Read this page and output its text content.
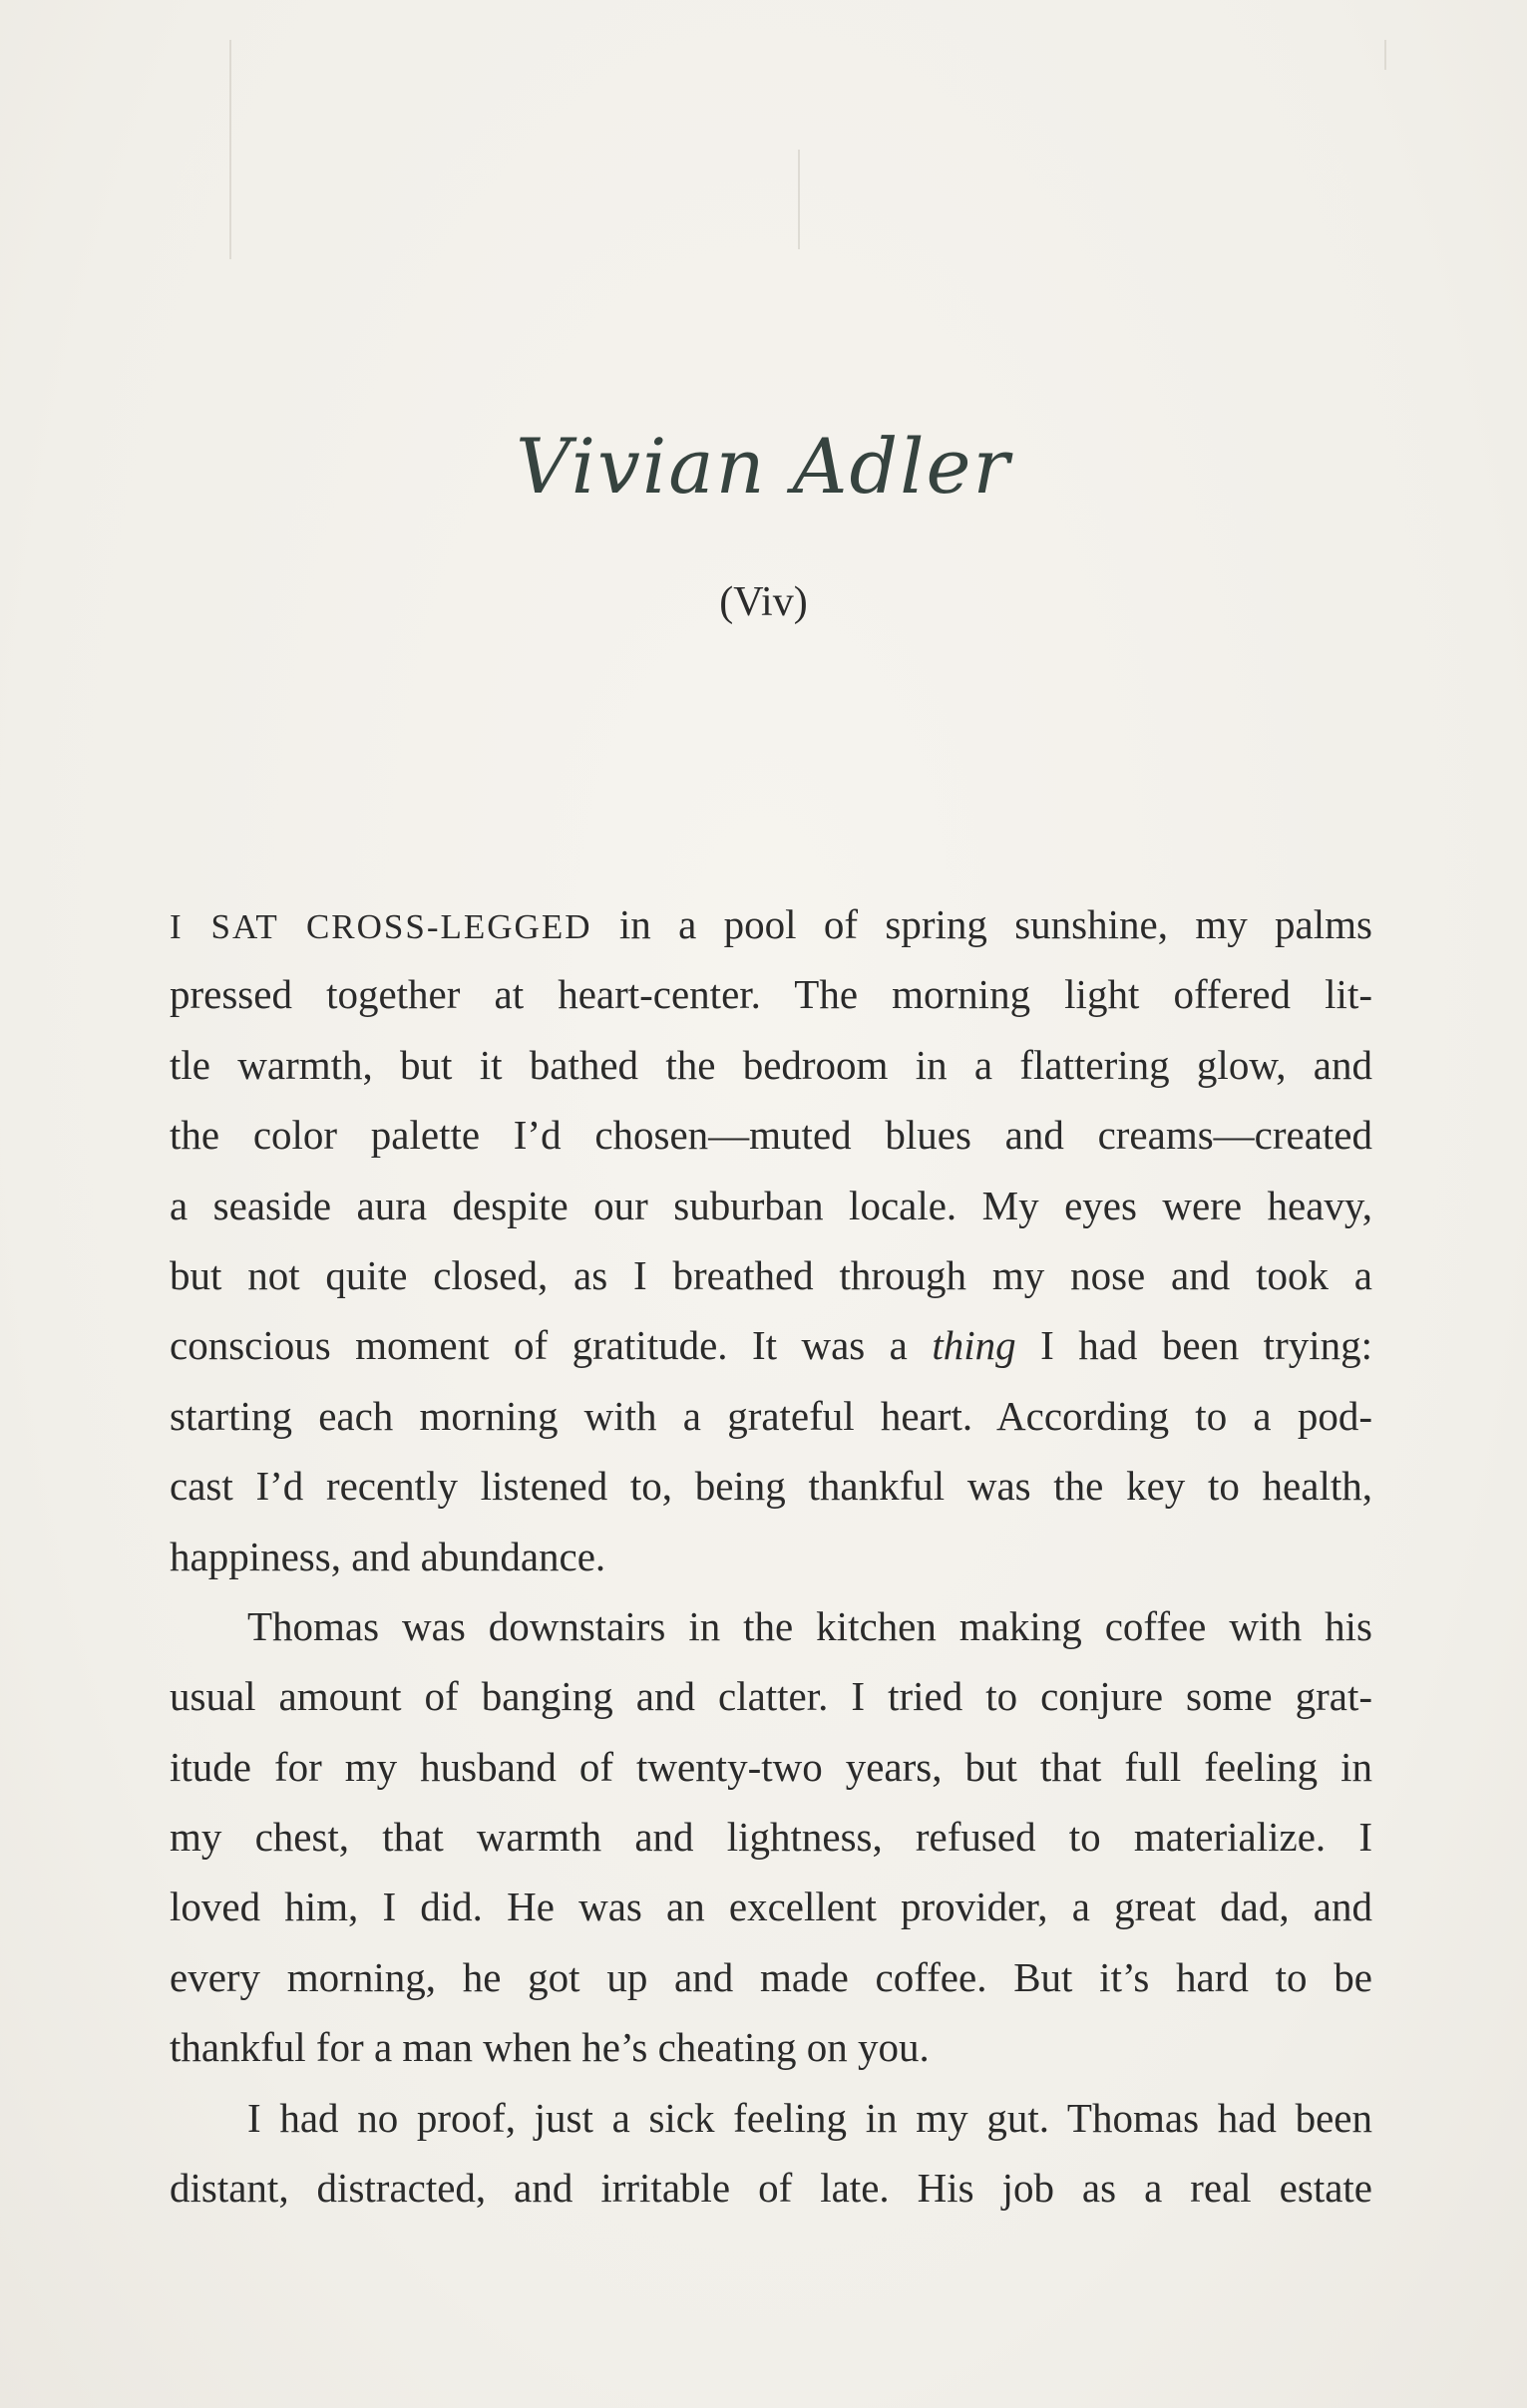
Vivian Adler
(Viv)
I SAT CROSS-LEGGED in a pool of spring sunshine, my palms
pressed together at heart-center. The morning light offered lit-
tle warmth, but it bathed the bedroom in a flattering glow, and
the color palette I’d chosen—muted blues and creams—created
a seaside aura despite our suburban locale. My eyes were heavy,
but not quite closed, as I breathed through my nose and took a
conscious moment of gratitude. It was a thing I had been trying:
starting each morning with a grateful heart. According to a pod-
cast I’d recently listened to, being thankful was the key to health,
happiness, and abundance.
Thomas was downstairs in the kitchen making coffee with his
usual amount of banging and clatter. I tried to conjure some grat-
itude for my husband of twenty-two years, but that full feeling in
my chest, that warmth and lightness, refused to materialize. I
loved him, I did. He was an excellent provider, a great dad, and
every morning, he got up and made coffee. But it’s hard to be
thankful for a man when he’s cheating on you.
I had no proof, just a sick feeling in my gut. Thomas had been
distant, distracted, and irritable of late. His job as a real estate
